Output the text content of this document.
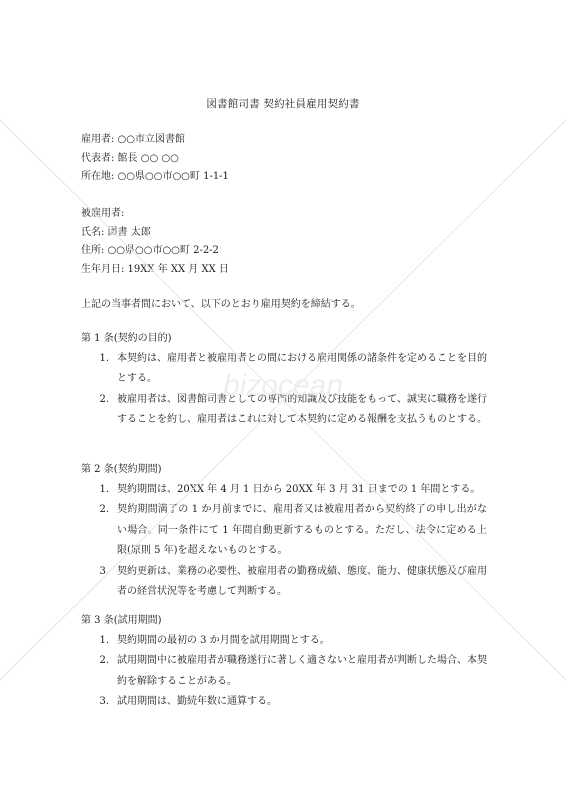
図書館司書 契約社員雇用契約書
雇用者: ○○市立図書館
代表者: 館長 ○○ ○○
所在地: ○○県○○市○○町 1-1-1
被雇用者:
氏名: 図書 太郎
住所: ○○県○○市○○町 2-2-2
生年月日: 19XX 年 XX 月 XX 日
上記の当事者間において、以下のとおり雇用契約を締結する。
第 1 条(契約の目的)
1. 本契約は、雇用者と被雇用者との間における雇用関係の諸条件を定めることを目的とする。
2. 被雇用者は、図書館司書としての専門的知識及び技能をもって、誠実に職務を遂行することを約し、雇用者はこれに対して本契約に定める報酬を支払うものとする。
第 2 条(契約期間)
1. 契約期間は、20XX 年 4 月 1 日から 20XX 年 3 月 31 日までの 1 年間とする。
2. 契約期間満了の 1 か月前までに、雇用者又は被雇用者から契約終了の申し出がない場合、同一条件にて 1 年間自動更新するものとする。ただし、法令に定める上限(原則 5 年)を超えないものとする。
3. 契約更新は、業務の必要性、被雇用者の勤務成績、態度、能力、健康状態及び雇用者の経営状況等を考慮して判断する。
第 3 条(試用期間)
1. 契約期間の最初の 3 か月間を試用期間とする。
2. 試用期間中に被雇用者が職務遂行に著しく適さないと雇用者が判断した場合、本契約を解除することがある。
3. 試用期間は、勤続年数に通算する。
bizocean
